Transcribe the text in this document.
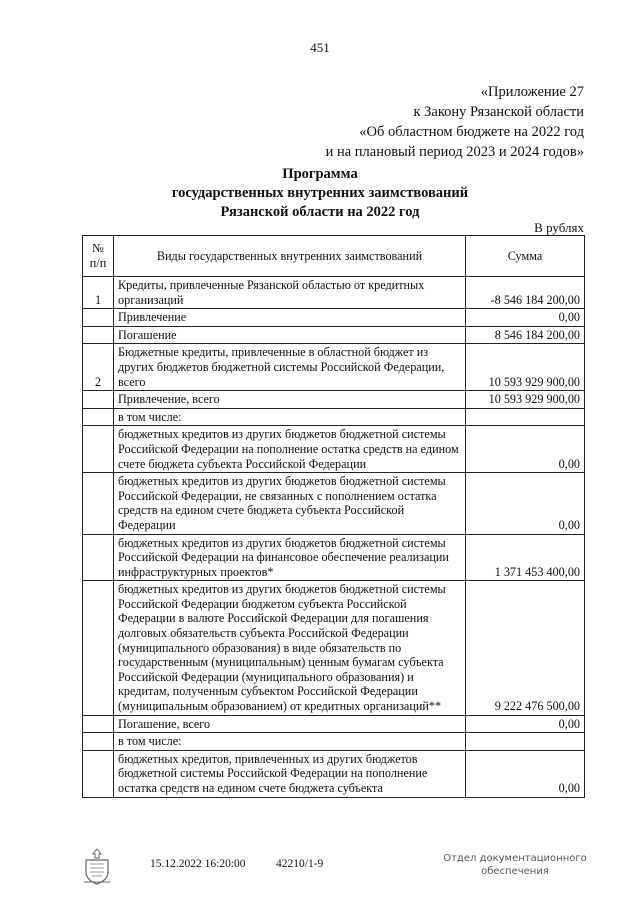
451
«Приложение 27
к Закону Рязанской области
«Об областном бюджете на 2022 год
и на плановый период 2023 и 2024 годов»
Программа
государственных внутренних заимствований
Рязанской области на 2022 год
В рублях
№ п/п	Виды государственных внутренних заимствований	Сумма
1	Кредиты, привлеченные Рязанской областью от кредитных организаций	-8 546 184 200,00
	Привлечение	0,00
	Погашение	8 546 184 200,00
2	Бюджетные кредиты, привлеченные в областной бюджет из других бюджетов бюджетной системы Российской Федерации, всего	10 593 929 900,00
	Привлечение, всего	10 593 929 900,00
	в том числе:	
	бюджетных кредитов из других бюджетов бюджетной системы Российской Федерации на пополнение остатка средств на едином счете бюджета субъекта Российской Федерации	0,00
	бюджетных кредитов из других бюджетов бюджетной системы Российской Федерации, не связанных с пополнением остатка средств на едином счете бюджета субъекта Российской Федерации	0,00
	бюджетных кредитов из других бюджетов бюджетной системы Российской Федерации на финансовое обеспечение реализации инфраструктурных проектов*	1 371 453 400,00
	бюджетных кредитов из других бюджетов бюджетной системы Российской Федерации бюджетом субъекта Российской Федерации в валюте Российской Федерации для погашения долговых обязательств субъекта Российской Федерации (муниципального образования) в виде обязательств по государственным (муниципальным) ценным бумагам субъекта Российской Федерации (муниципального образования) и кредитам, полученным субъектом Российской Федерации (муниципальным образованием) от кредитных организаций**	9 222 476 500,00
	Погашение, всего	0,00
	в том числе:	
	бюджетных кредитов, привлеченных из других бюджетов бюджетной системы Российской Федерации на пополнение остатка средств на едином счете бюджета субъекта	0,00
15.12.2022 16:20:00	42210/1-9	Отдел документационного обеспечения
